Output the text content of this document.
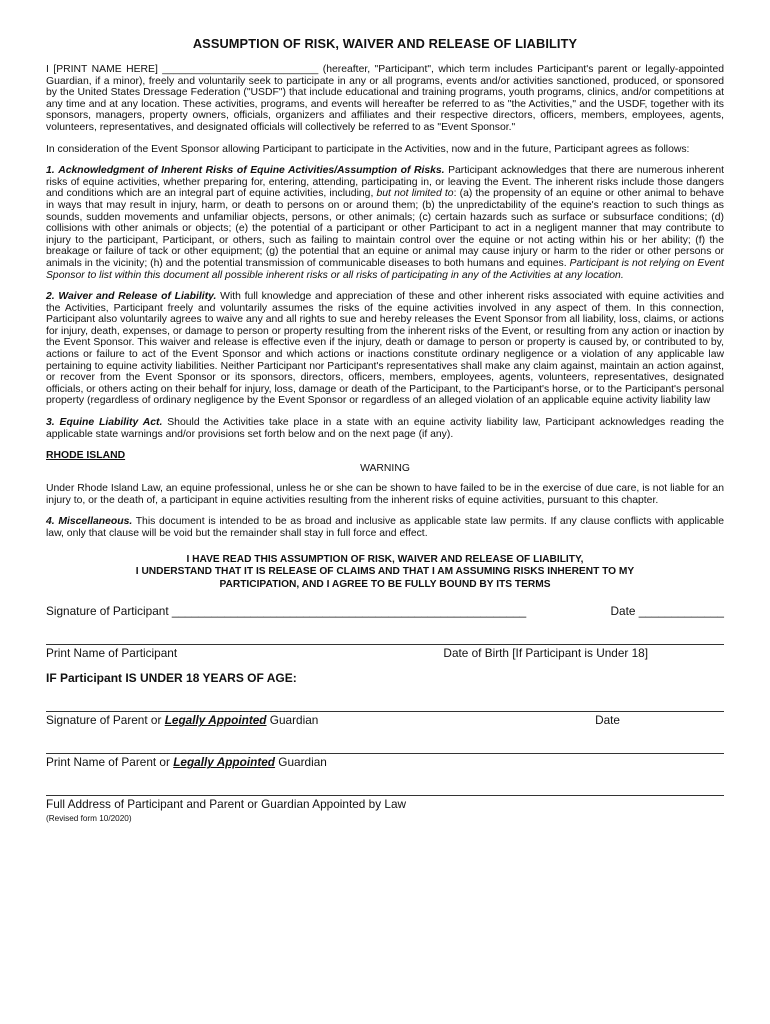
ASSUMPTION OF RISK, WAIVER AND RELEASE OF LIABILITY

I [PRINT NAME HERE] ___________________________ (hereafter, "Participant", which term includes Participant's parent or legally-appointed Guardian, if a minor), freely and voluntarily seek to participate in any or all programs, events and/or activities sanctioned, produced, or sponsored by the United States Dressage Federation ("USDF") that include educational and training programs, youth programs, clinics, and/or competitions at any time and at any location. These activities, programs, and events will hereafter be referred to as "the Activities," and the USDF, together with its sponsors, managers, property owners, officials, organizers and affiliates and their respective directors, officers, members, employees, agents, volunteers, representatives, and designated officials will collectively be referred to as "Event Sponsor."

In consideration of the Event Sponsor allowing Participant to participate in the Activities, now and in the future, Participant agrees as follows:

1. Acknowledgment of Inherent Risks of Equine Activities/Assumption of Risks. Participant acknowledges that there are numerous inherent risks of equine activities, whether preparing for, entering, attending, participating in, or leaving the Event. The inherent risks include those dangers and conditions which are an integral part of equine activities, including, but not limited to: (a) the propensity of an equine or other animal to behave in ways that may result in injury, harm, or death to persons on or around them; (b) the unpredictability of the equine's reaction to such things as sounds, sudden movements and unfamiliar objects, persons, or other animals; (c) certain hazards such as surface or subsurface conditions; (d) collisions with other animals or objects; (e) the potential of a participant or other Participant to act in a negligent manner that may contribute to injury to the participant, Participant, or others, such as failing to maintain control over the equine or not acting within his or her ability; (f) the breakage or failure of tack or other equipment; (g) the potential that an equine or animal may cause injury or harm to the rider or other persons or animals in the vicinity; (h) and the potential transmission of communicable diseases to both humans and equines. Participant is not relying on Event Sponsor to list within this document all possible inherent risks or all risks of participating in any of the Activities at any location.

2. Waiver and Release of Liability. With full knowledge and appreciation of these and other inherent risks associated with equine activities and the Activities, Participant freely and voluntarily assumes the risks of the equine activities involved in any aspect of them. In this connection, Participant also voluntarily agrees to waive any and all rights to sue and hereby releases the Event Sponsor from all liability, loss, claims, or actions for injury, death, expenses, or damage to person or property resulting from the inherent risks of the Event, or resulting from any action or inaction by the Event Sponsor. This waiver and release is effective even if the injury, death or damage to person or property is caused by, or contributed to by, actions or failure to act of the Event Sponsor and which actions or inactions constitute ordinary negligence or a violation of any applicable law pertaining to equine activity liabilities. Neither Participant nor Participant's representatives shall make any claim against, maintain an action against, or recover from the Event Sponsor or its sponsors, directors, officers, members, employees, agents, volunteers, representatives, designated officials, or others acting on their behalf for injury, loss, damage or death of the Participant, to the Participant's horse, or to the Participant's personal property (regardless of ordinary negligence by the Event Sponsor or regardless of an alleged violation of an applicable equine activity liability law

3. Equine Liability Act. Should the Activities take place in a state with an equine activity liability law, Participant acknowledges reading the applicable state warnings and/or provisions set forth below and on the next page (if any).

RHODE ISLAND
WARNING

Under Rhode Island Law, an equine professional, unless he or she can be shown to have failed to be in the exercise of due care, is not liable for an injury to, or the death of, a participant in equine activities resulting from the inherent risks of equine activities, pursuant to this chapter.

4. Miscellaneous. This document is intended to be as broad and inclusive as applicable state law permits. If any clause conflicts with applicable law, only that clause will be void but the remainder shall stay in full force and effect.

I HAVE READ THIS ASSUMPTION OF RISK, WAIVER AND RELEASE OF LIABILITY,
I UNDERSTAND THAT IT IS RELEASE OF CLAIMS AND THAT I AM ASSUMING RISKS INHERENT TO MY
PARTICIPATION, AND I AGREE TO BE FULLY BOUND BY ITS TERMS
Signature of Participant ______________________________________________________	Date _____________
Print Name of Participant	Date of Birth [If Participant is Under 18]
IF Participant IS UNDER 18 YEARS OF AGE:
Signature of Parent or Legally Appointed Guardian	Date
Print Name of Parent or Legally Appointed Guardian
Full Address of Participant and Parent or Guardian Appointed by Law
(Revised form 10/2020)
